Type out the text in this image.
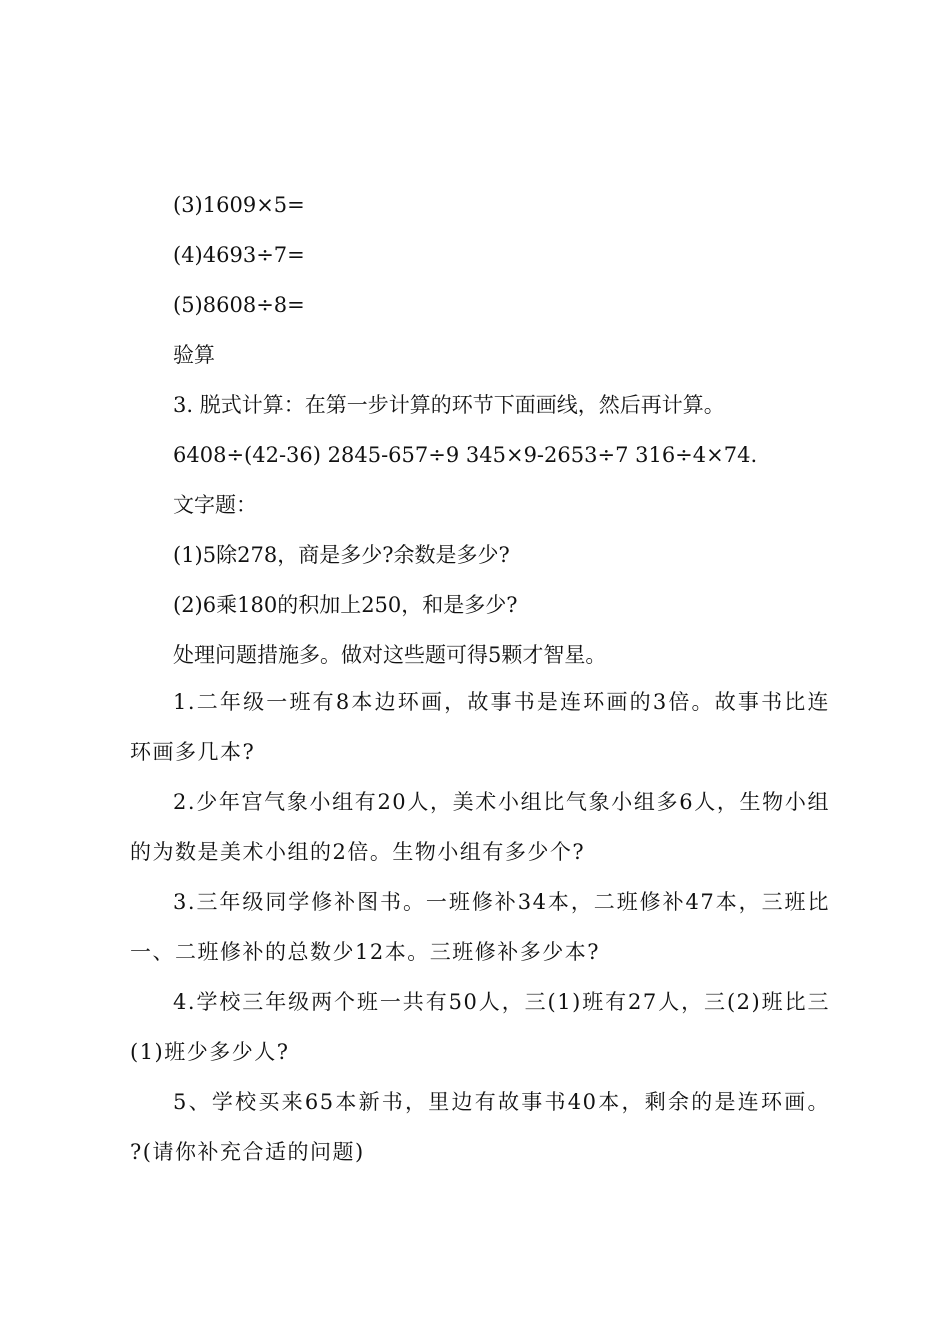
(3)1609×5=
(4)4693÷7=
(5)8608÷8=
验算
3. 脱式计算：在第一步计算的环节下面画线，然后再计算。
6408÷(42-36) 2845-657÷9 345×9-2653÷7 316÷4×74.
文字题：
(1)5除278，商是多少?余数是多少?
(2)6乘180的积加上250，和是多少?
处理问题措施多。做对这些题可得5颗才智星。
1.二年级一班有8本边环画，故事书是连环画的3倍。故事书比连环画多几本?
2.少年宫气象小组有20人，美术小组比气象小组多6人，生物小组的为数是美术小组的2倍。生物小组有多少个?
3.三年级同学修补图书。一班修补34本，二班修补47本，三班比一、二班修补的总数少12本。三班修补多少本?
4.学校三年级两个班一共有50人，三(1)班有27人，三(2)班比三(1)班少多少人?
5、学校买来65本新书，里边有故事书40本，剩余的是连环画。 ?(请你补充合适的问题)
